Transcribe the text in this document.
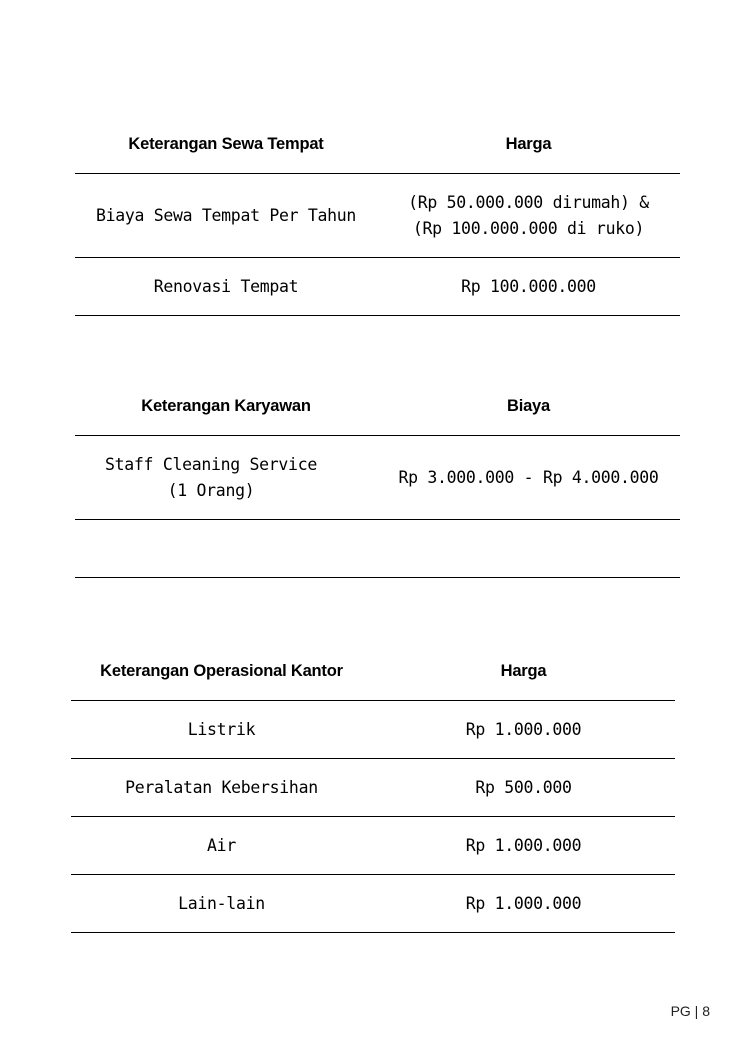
Keterangan Sewa Tempat	Harga
Biaya Sewa Tempat Per Tahun	(Rp 50.000.000 dirumah) & (Rp 100.000.000 di ruko)
Renovasi Tempat	Rp 100.000.000
Keterangan Karyawan	Biaya
Staff Cleaning Service (1 Orang)	Rp 3.000.000 - Rp 4.000.000

Keterangan Operasional Kantor	Harga
Listrik	Rp 1.000.000
Peralatan Kebersihan	Rp 500.000
Air	Rp 1.000.000
Lain-lain	Rp 1.000.000
PG | 8
